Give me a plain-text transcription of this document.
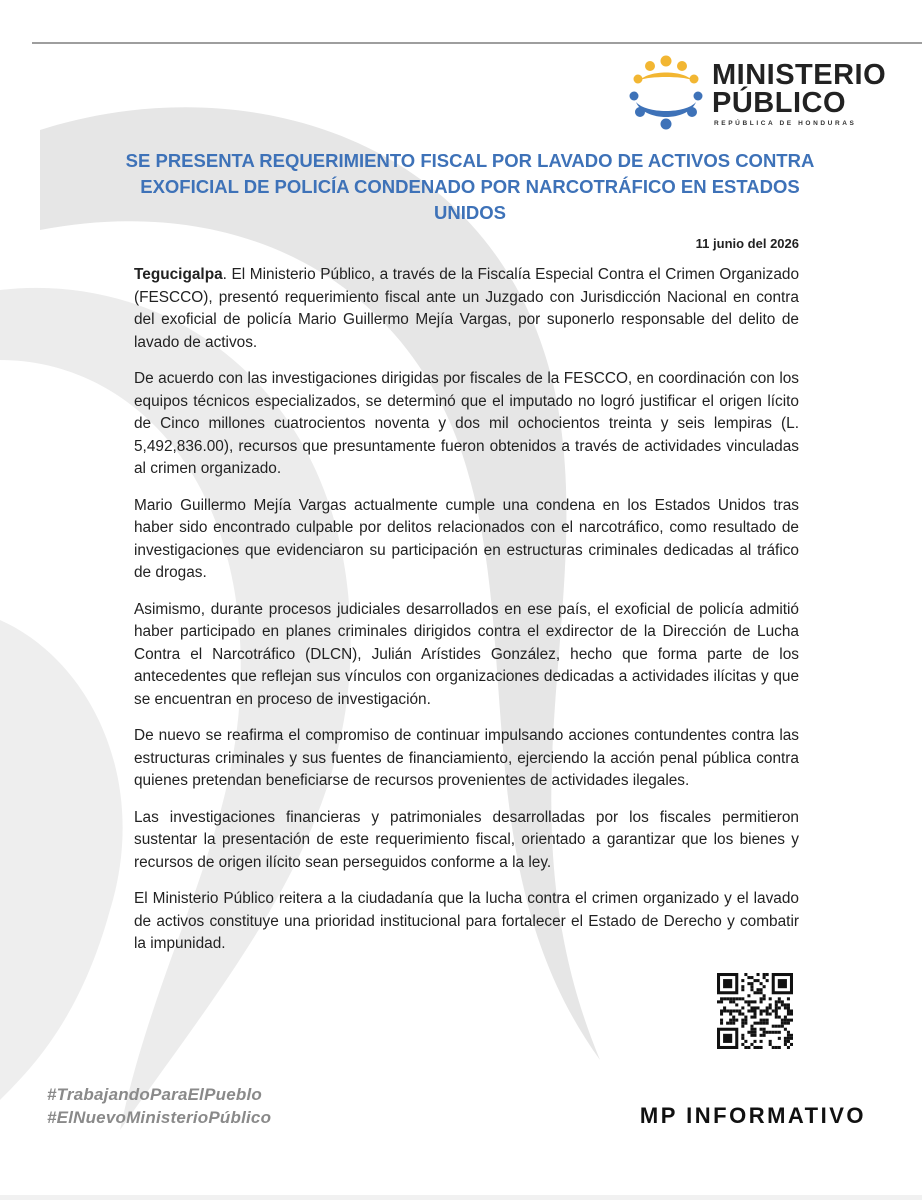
MINISTERIO
PÚBLICO
REPÚBLICA DE HONDURAS
SE PRESENTA REQUERIMIENTO FISCAL POR LAVADO DE ACTIVOS CONTRA EXOFICIAL DE POLICÍA CONDENADO POR NARCOTRÁFICO EN ESTADOS UNIDOS
11 junio del 2026

Tegucigalpa. El Ministerio Público, a través de la Fiscalía Especial Contra el Crimen Organizado (FESCCO), presentó requerimiento fiscal ante un Juzgado con Jurisdicción Nacional en contra del exoficial de policía Mario Guillermo Mejía Vargas, por suponerlo responsable del delito de lavado de activos.

De acuerdo con las investigaciones dirigidas por fiscales de la FESCCO, en coordinación con los equipos técnicos especializados, se determinó que el imputado no logró justificar el origen lícito de Cinco millones cuatrocientos noventa y dos mil ochocientos treinta y seis lempiras (L. 5,492,836.00), recursos que presuntamente fueron obtenidos a través de actividades vinculadas al crimen organizado.

Mario Guillermo Mejía Vargas actualmente cumple una condena en los Estados Unidos tras haber sido encontrado culpable por delitos relacionados con el narcotráfico, como resultado de investigaciones que evidenciaron su participación en estructuras criminales dedicadas al tráfico de drogas.

Asimismo, durante procesos judiciales desarrollados en ese país, el exoficial de policía admitió haber participado en planes criminales dirigidos contra el exdirector de la Dirección de Lucha Contra el Narcotráfico (DLCN), Julián Arístides González, hecho que forma parte de los antecedentes que reflejan sus vínculos con organizaciones dedicadas a actividades ilícitas y que se encuentran en proceso de investigación.

De nuevo se reafirma el compromiso de continuar impulsando acciones contundentes contra las estructuras criminales y sus fuentes de financiamiento, ejerciendo la acción penal pública contra quienes pretendan beneficiarse de recursos provenientes de actividades ilegales.

Las investigaciones financieras y patrimoniales desarrolladas por los fiscales permitieron sustentar la presentación de este requerimiento fiscal, orientado a garantizar que los bienes y recursos de origen ilícito sean perseguidos conforme a la ley.

El Ministerio Público reitera a la ciudadanía que la lucha contra el crimen organizado y el lavado de activos constituye una prioridad institucional para fortalecer el Estado de Derecho y combatir la impunidad.

#TrabajandoParaElPueblo
#ElNuevoMinisterioPúblico	MP INFORMATIVO
